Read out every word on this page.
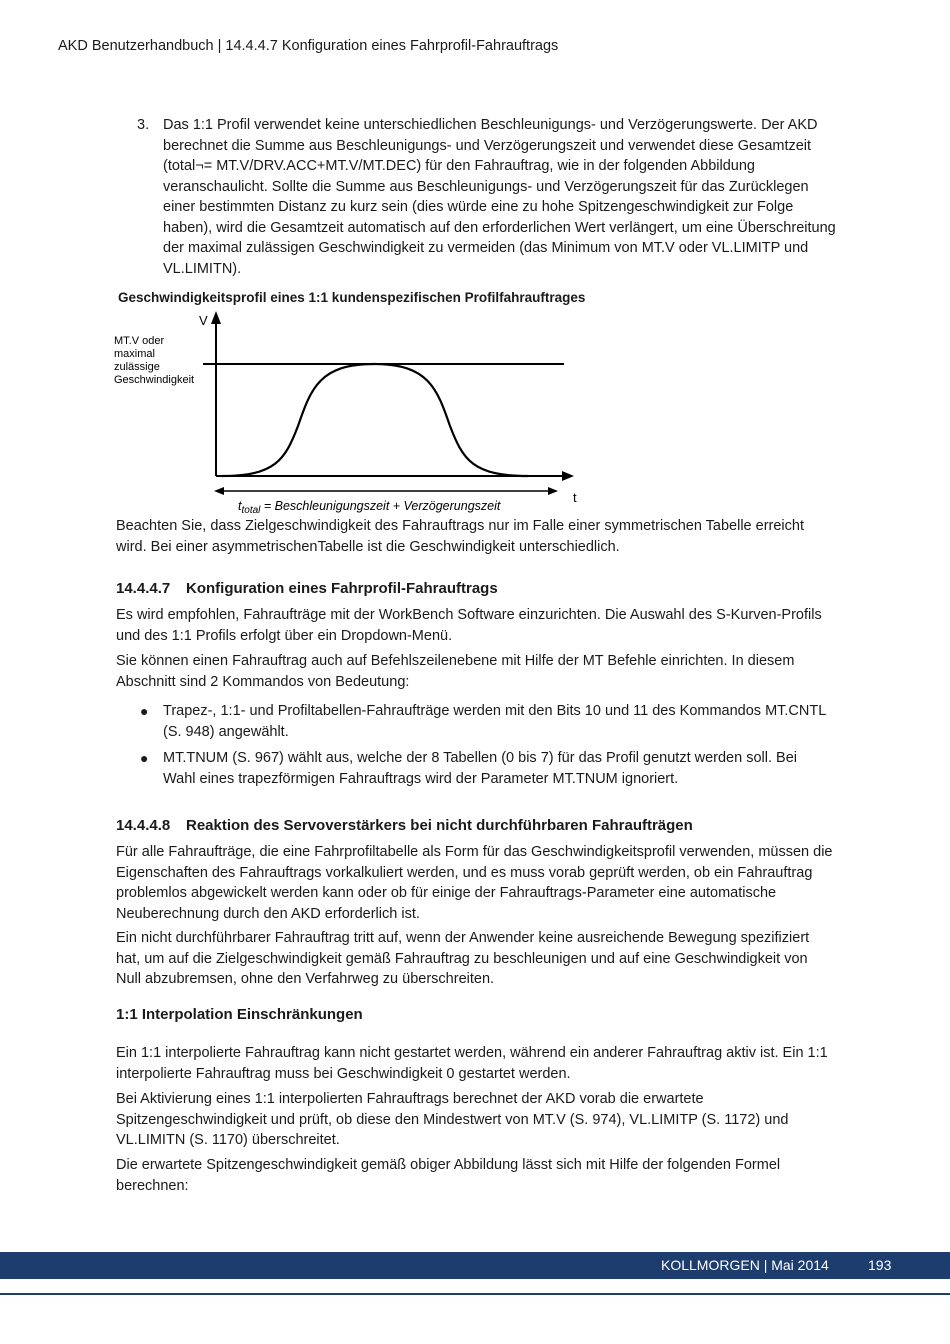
AKD Benutzerhandbuch | 14.4.4.7 Konfiguration eines Fahrprofil-Fahrauftrags

3. Das 1:1 Profil verwendet keine unterschiedlichen Beschleunigungs- und Verzögerungswerte. Der AKD berechnet die Summe aus Beschleunigungs- und Verzögerungszeit und verwendet diese Gesamtzeit (total¬= MT.V/DRV.ACC+MT.V/MT.DEC) für den Fahrauftrag, wie in der folgenden Abbildung veranschaulicht. Sollte die Summe aus Beschleunigungs- und Verzögerungszeit für das Zurücklegen einer bestimmten Distanz zu kurz sein (dies würde eine zu hohe Spitzengeschwindigkeit zur Folge haben), wird die Gesamtzeit automatisch auf den erforderlichen Wert verlängert, um eine Überschreitung der maximal zulässigen Geschwindigkeit zu vermeiden (das Minimum von MT.V oder VL.LIMITP und VL.LIMITN).

Geschwindigkeitsprofil eines 1:1 kundenspezifischen Profilfahrauftrages
V
t
MT.V oder
maximal
zulässige
Geschwindigkeit
$t_{total}$ = Beschleunigungszeit + Verzögerungszeit

Beachten Sie, dass Zielgeschwindigkeit des Fahrauftrags nur im Falle einer symmetrischen Tabelle erreicht wird. Bei einer asymmetrischenTabelle ist die Geschwindigkeit unterschiedlich.

14.4.4.7 Konfiguration eines Fahrprofil-Fahrauftrags

Es wird empfohlen, Fahraufträge mit der WorkBench Software einzurichten. Die Auswahl des S-Kurven-Profils und des 1:1 Profils erfolgt über ein Dropdown-Menü.

Sie können einen Fahrauftrag auch auf Befehlszeilenebene mit Hilfe der MT Befehle einrichten. In diesem Abschnitt sind 2 Kommandos von Bedeutung:

● Trapez-, 1:1- und Profiltabellen-Fahraufträge werden mit den Bits 10 und 11 des Kommandos MT.CNTL (S. 948) angewählt.

● MT.TNUM (S. 967) wählt aus, welche der 8 Tabellen (0 bis 7) für das Profil genutzt werden soll. Bei Wahl eines trapezförmigen Fahrauftrags wird der Parameter MT.TNUM ignoriert.

14.4.4.8 Reaktion des Servoverstärkers bei nicht durchführbaren Fahraufträgen

Für alle Fahraufträge, die eine Fahrprofiltabelle als Form für das Geschwindigkeitsprofil verwenden, müssen die Eigenschaften des Fahrauftrags vorkalkuliert werden, und es muss vorab geprüft werden, ob ein Fahrauftrag problemlos abgewickelt werden kann oder ob für einige der Fahrauftrags-Parameter eine automatische Neuberechnung durch den AKD erforderlich ist.

Ein nicht durchführbarer Fahrauftrag tritt auf, wenn der Anwender keine ausreichende Bewegung spezifiziert hat, um auf die Zielgeschwindigkeit gemäß Fahrauftrag zu beschleunigen und auf eine Geschwindigkeit von Null abzubremsen, ohne den Verfahrweg zu überschreiten.

1:1 Interpolation Einschränkungen

Ein 1:1 interpolierte Fahrauftrag kann nicht gestartet werden, während ein anderer Fahrauftrag aktiv ist. Ein 1:1 interpolierte Fahrauftrag muss bei Geschwindigkeit 0 gestartet werden.

Bei Aktivierung eines 1:1 interpolierten Fahrauftrags berechnet der AKD vorab die erwartete Spitzengeschwindigkeit und prüft, ob diese den Mindestwert von MT.V (S. 974), VL.LIMITP (S. 1172) und VL.LIMITN (S. 1170) überschreitet.

Die erwartete Spitzengeschwindigkeit gemäß obiger Abbildung lässt sich mit Hilfe der folgenden Formel berechnen:

KOLLMORGEN | Mai 2014	193
